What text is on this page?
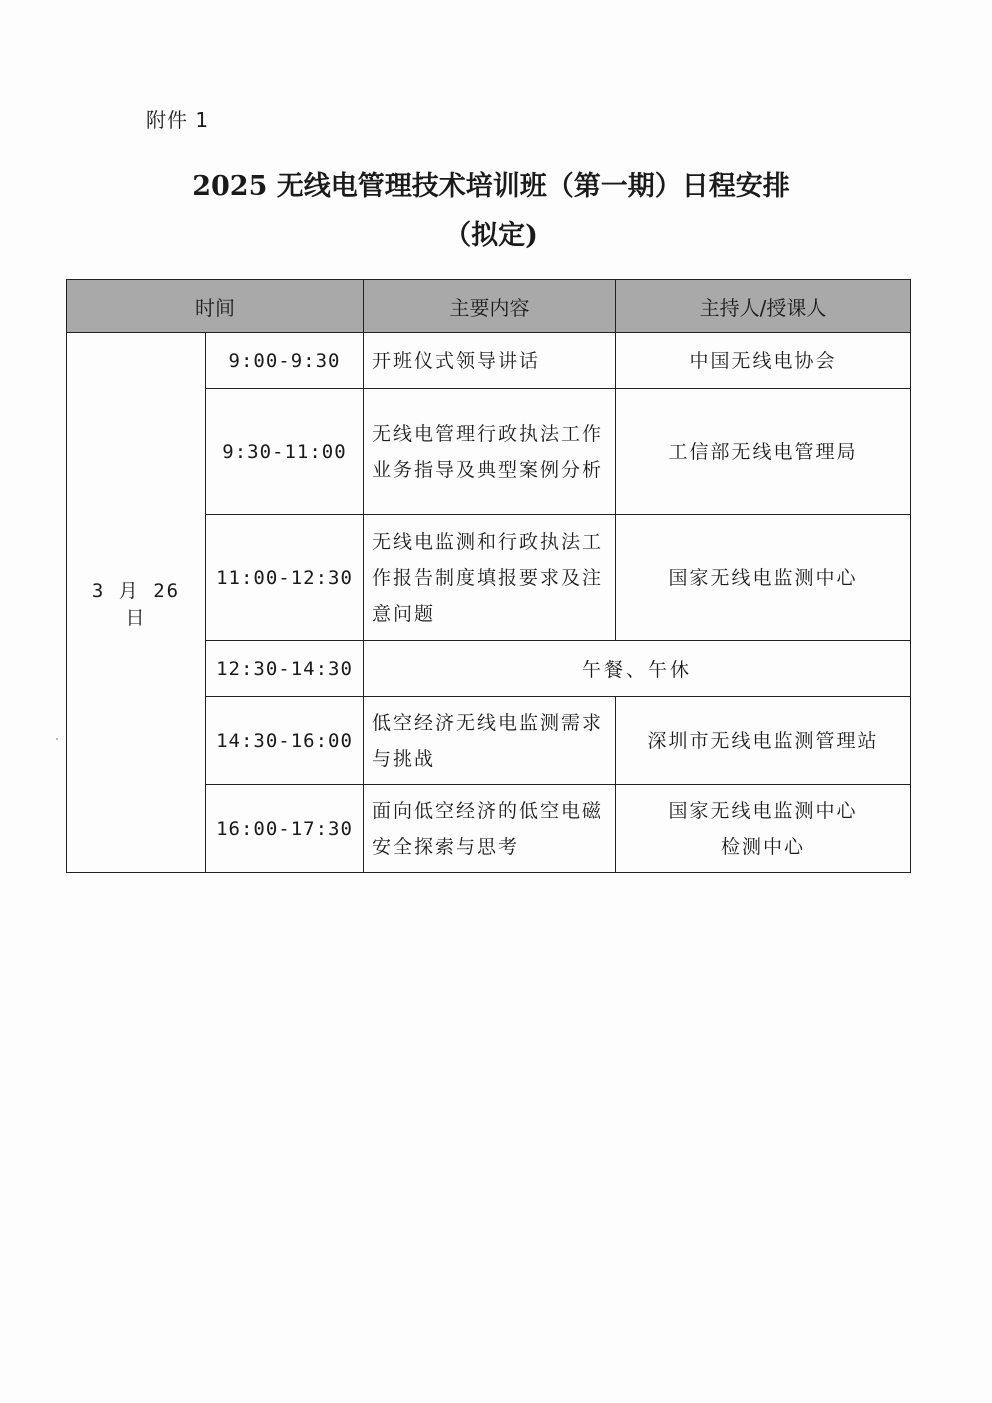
附件 1
2025 无线电管理技术培训班（第一期）日程安排
（拟定)
时间		主要内容	主持人/授课人
3 月 26 日	9:00-9:30	开班仪式领导讲话	中国无线电协会

	9:30-11:00	无线电管理行政执法工作业务指导及典型案例分析	工信部无线电管理局

	11:00-12:30	无线电监测和行政执法工作报告制度填报要求及注意问题	国家无线电监测中心

	12:30-14:30	午餐、午休	
	14:30-16:00	低空经济无线电监测需求与挑战	深圳市无线电监测管理站

	16:00-17:30	面向低空经济的低空电磁安全探索与思考	国家无线电监测中心
检测中心
